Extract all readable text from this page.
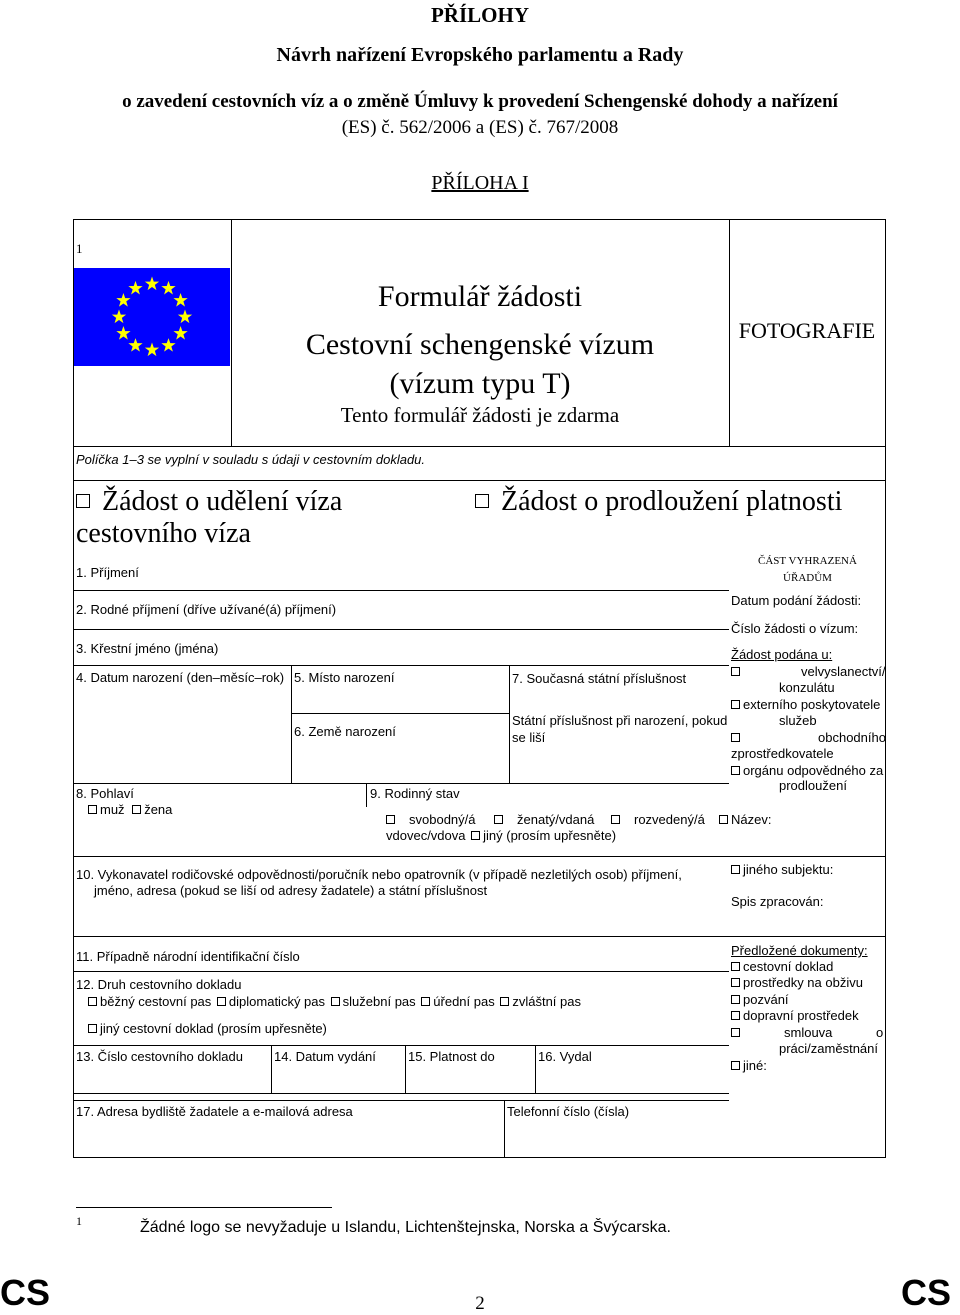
PŘÍLOHY
Návrh nařízení Evropského parlamentu a Rady
o zavedení cestovních víz a o změně Úmluvy k provedení Schengenské dohody a nařízení
(ES) č. 562/2006 a (ES) č. 767/2008
PŘÍLOHA I
1
Formulář žádosti
Cestovní schengenské vízum
(vízum typu T)
Tento formulář žádosti je zdarma
FOTOGRAFIE
Políčka 1–3 se vyplní v souladu s údaji v cestovním dokladu.
Žádost o udělení víza
cestovního víza
Žádost o prodloužení platnosti
1. Příjmení
2. Rodné příjmení (dříve užívané(á) příjmení)
3. Křestní jméno (jména)
4. Datum narození (den–měsíc–rok) 5. Místo narození
6. Země narození
7. Současná státní příslušnost
Státní příslušnost při narození, pokud
se liší
8. Pohlaví
muž žena
9. Rodinný stav
svobodný/á	ženatý/vdaná	rozvedený/á
vdovec/vdova jiný (prosím upřesněte)
10. Vykonavatel rodičovské odpovědnosti/poručník nebo opatrovník (v případě nezletilých osob) příjmení,
jméno, adresa (pokud se liší od adresy žadatele) a státní příslušnost
11. Případně národní identifikační číslo
12. Druh cestovního dokladu
běžný cestovní pas diplomatický pas služební pas úřední pas zvláštní pas
jiný cestovní doklad (prosím upřesněte)
13. Číslo cestovního dokladu 14. Datum vydání 15. Platnost do	16. Vydal
17. Adresa bydliště žadatele a e-mailová adresa	Telefonní číslo (čísla)
ČÁST VYHRAZENÁ
ÚŘADŮM
Datum podání žádosti:
Číslo žádosti o vízum:
Žádost podána u:
velvyslanectví/
konzulátu
externího poskytovatele
služeb
obchodního
zprostředkovatele
orgánu odpovědného za
prodloužení
Název:
jiného subjektu:
Spis zpracován:
Předložené dokumenty:
cestovní doklad
prostředky na obživu
pozvání
dopravní prostředek
smlouva	o
práci/zaměstnání
jiné:
1	Žádné logo se nevyžaduje u Islandu, Lichtenštejnska, Norska a Švýcarska.
CS	2	CS
